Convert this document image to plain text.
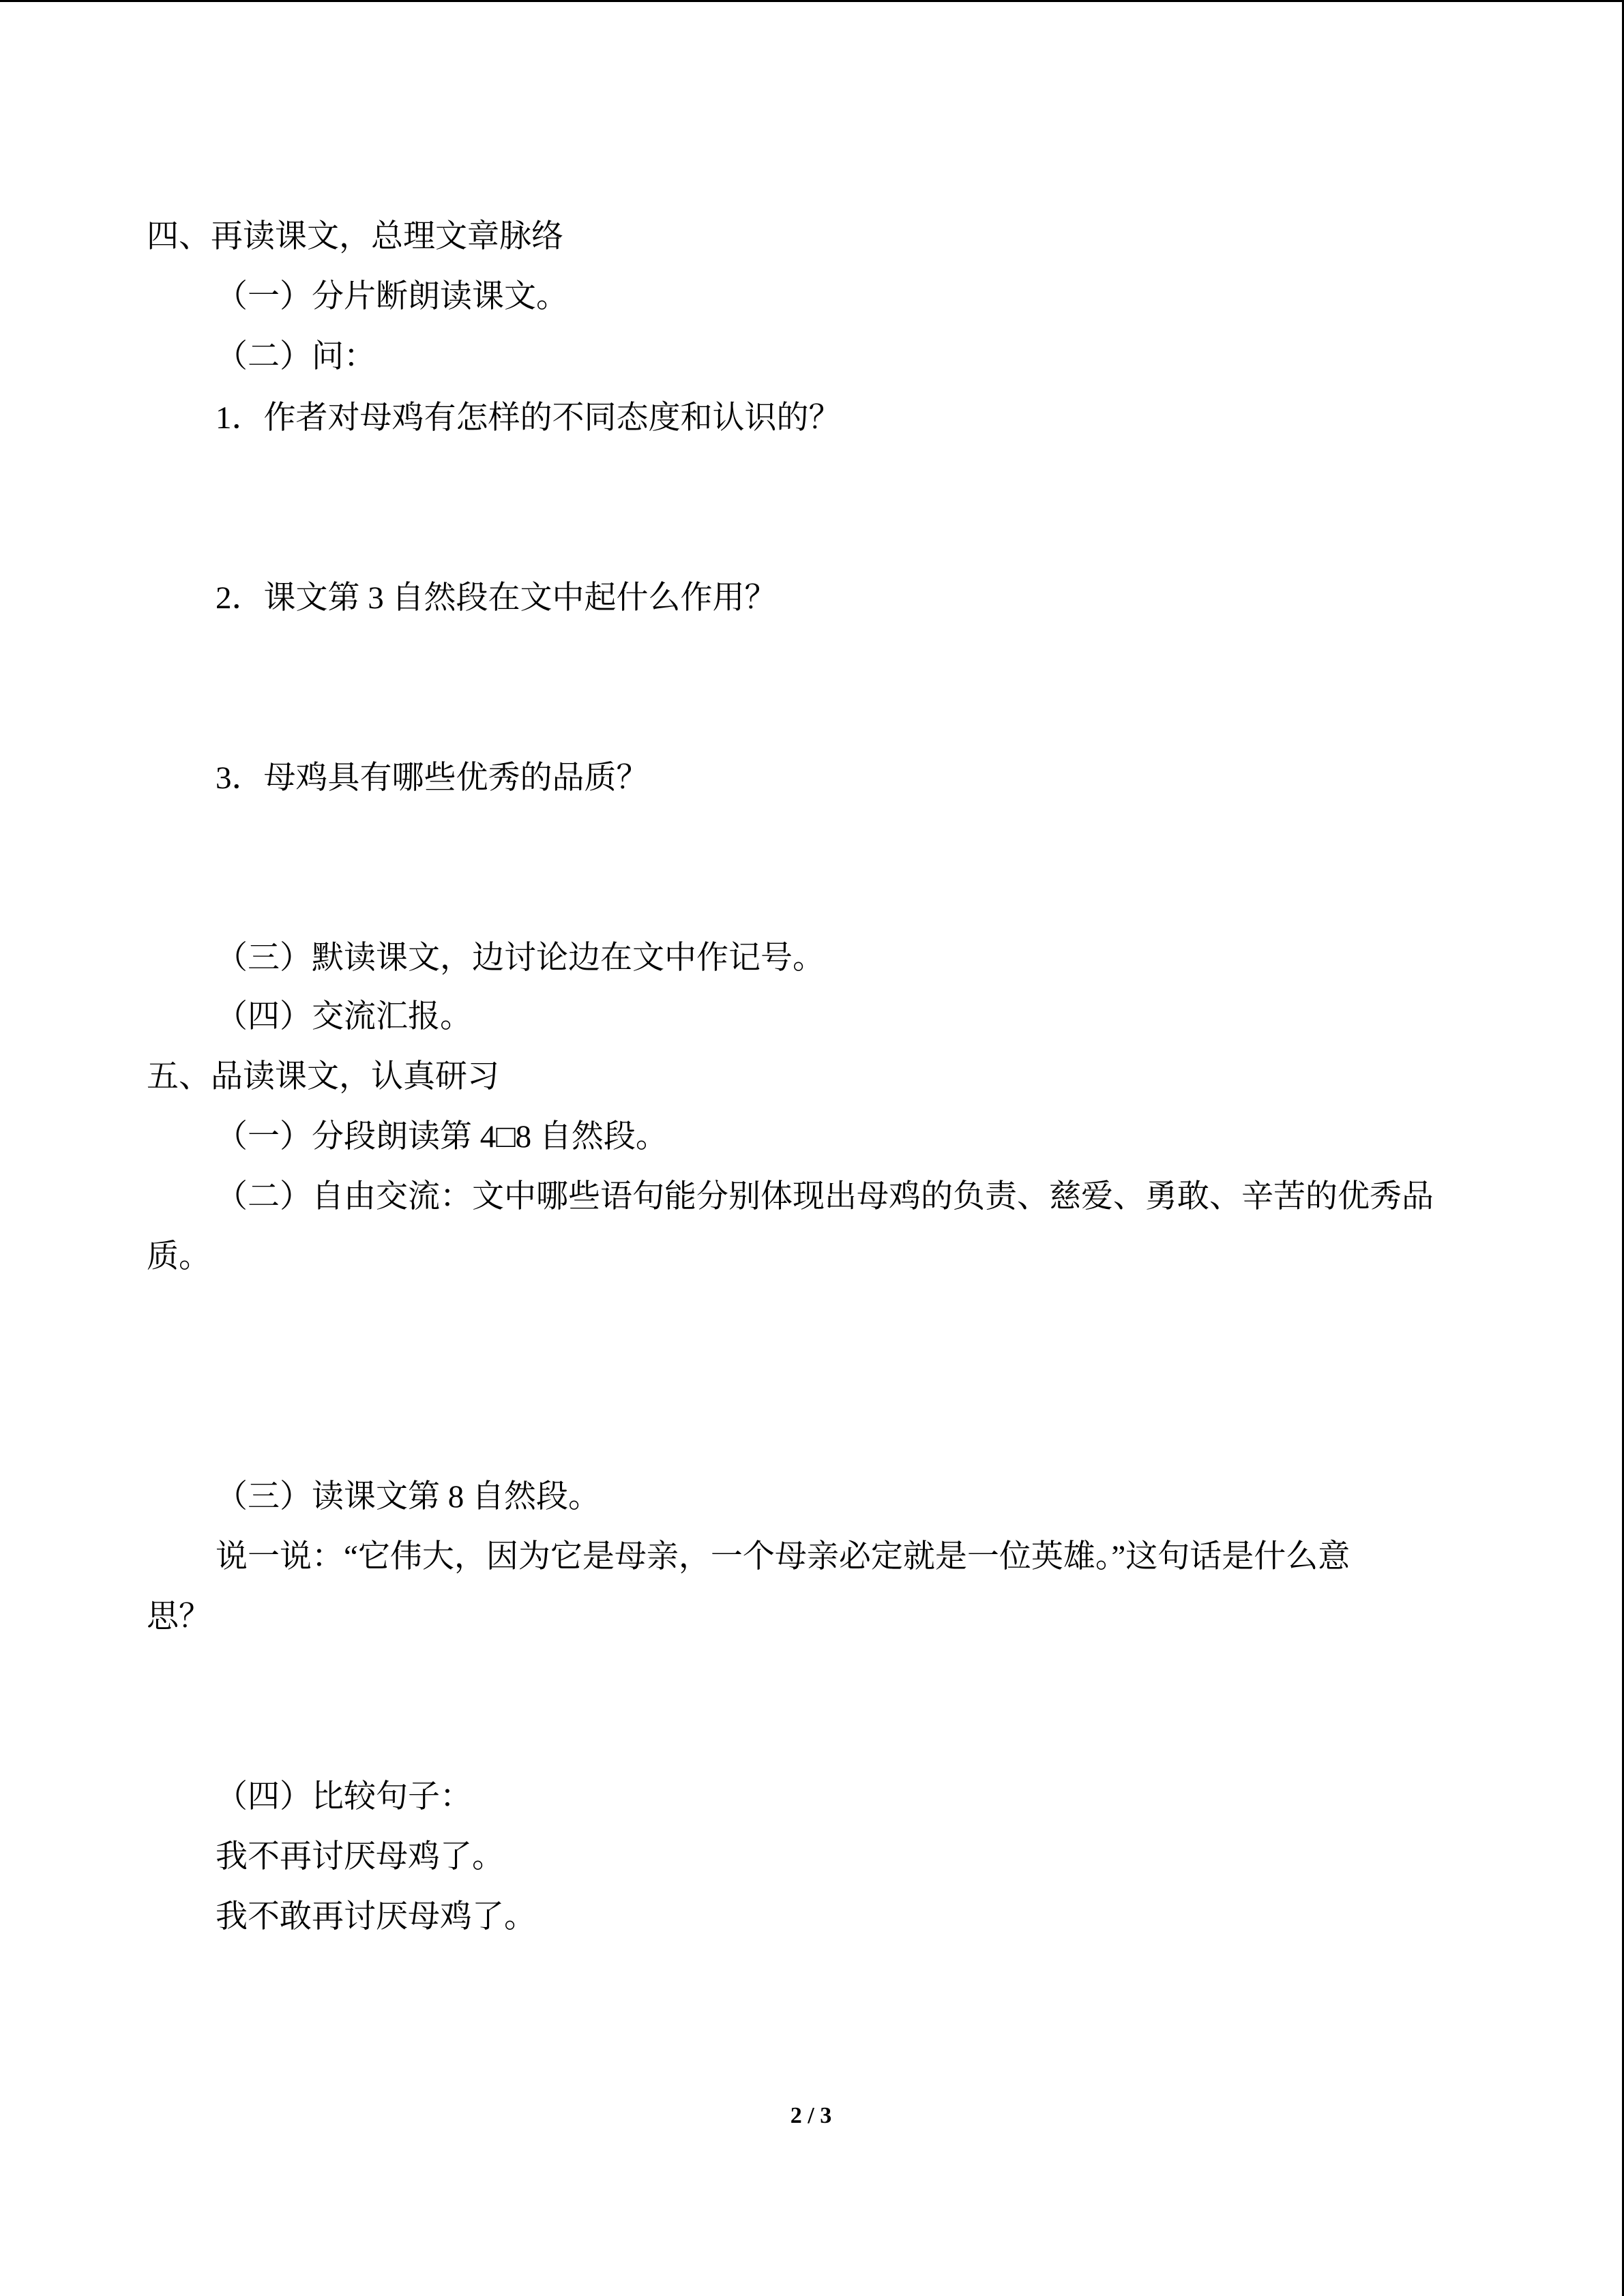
四、再读课文，总理文章脉络
（一）分片断朗读课文。
（二）问：
1．作者对母鸡有怎样的不同态度和认识的？
2．课文第 3 自然段在文中起什么作用？
3．母鸡具有哪些优秀的品质？
（三）默读课文，边讨论边在文中作记号。
（四）交流汇报。
五、品读课文，认真研习
（一）分段朗读第 4□8 自然段。
（二）自由交流：文中哪些语句能分别体现出母鸡的负责、慈爱、勇敢、辛苦的优秀品
质。
（三）读课文第 8 自然段。
说一说：“它伟大，因为它是母亲，一个母亲必定就是一位英雄。”这句话是什么意
思？
（四）比较句子：
我不再讨厌母鸡了。
我不敢再讨厌母鸡了。
2 / 3
